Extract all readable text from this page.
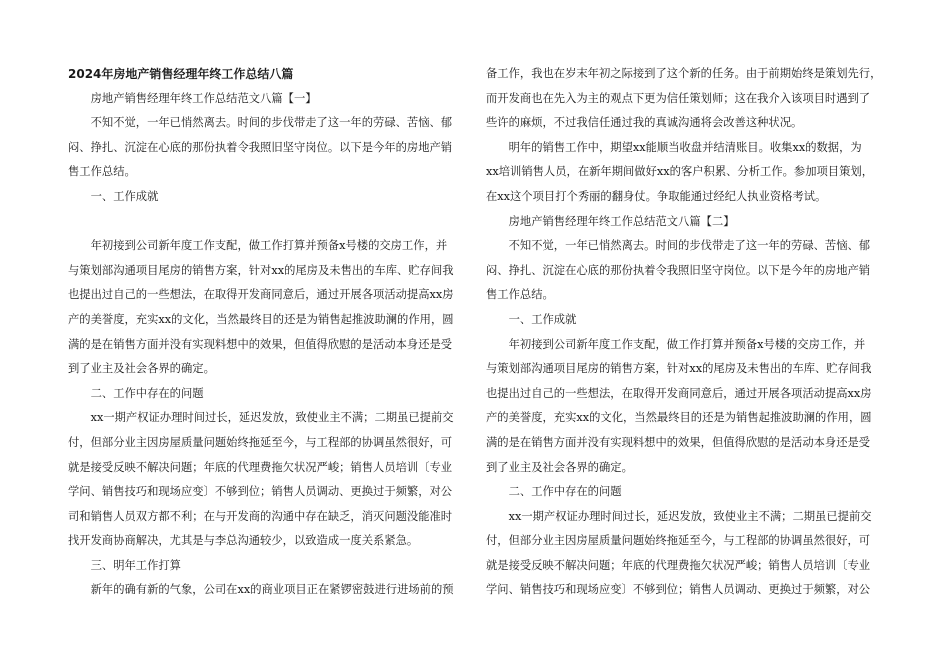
2024年房地产销售经理年终工作总结八篇
　　房地产销售经理年终工作总结范文八篇【一】
　　不知不觉，一年已悄然离去。时间的步伐带走了这一年的劳碌、苦恼、郁
闷、挣扎、沉淀在心底的那份执着令我照旧坚守岗位。以下是今年的房地产销
售工作总结。
　　一、工作成就
　　年初接到公司新年度工作支配，做工作打算并预备x号楼的交房工作，并
与策划部沟通项目尾房的销售方案，针对xx的尾房及未售出的车库、贮存间我
也提出过自己的一些想法，在取得开发商同意后，通过开展各项活动提高xx房
产的美誉度，充实xx的文化，当然最终目的还是为销售起推波助澜的作用，圆
满的是在销售方面并没有实现料想中的效果，但值得欣慰的是活动本身还是受
到了业主及社会各界的确定。
　　二、工作中存在的问题
　　xx一期产权证办理时间过长，延迟发放，致使业主不满；二期虽已提前交
付，但部分业主因房屋质量问题始终拖延至今，与工程部的协调虽然很好，可
就是接受反映不解决问题；年底的代理费拖欠状况严峻；销售人员培训〔专业
学问、销售技巧和现场应变〕不够到位；销售人员调动、更换过于频繁，对公
司和销售人员双方都不利；在与开发商的沟通中存在缺乏，消灭问题没能准时
找开发商协商解决，尤其是与李总沟通较少，以致造成一度关系紧急。
　　三、明年工作打算
　　新年的确有新的气象，公司在xx的商业项目正在紧锣密鼓进行进场前的预
备工作，我也在岁末年初之际接到了这个新的任务。由于前期始终是策划先行，
而开发商也在先入为主的观点下更为信任策划师；这在我介入该项目时遇到了
些许的麻烦，不过我信任通过我的真诚沟通将会改善这种状况。
　　明年的销售工作中，期望xx能顺当收盘并结清账目。收集xx的数据，为
xx培训销售人员，在新年期间做好xx的客户积累、分析工作。参加项目策划，
在xx这个项目打个秀丽的翻身仗。争取能通过经纪人执业资格考试。
　　房地产销售经理年终工作总结范文八篇【二】
　　不知不觉，一年已悄然离去。时间的步伐带走了这一年的劳碌、苦恼、郁
闷、挣扎、沉淀在心底的那份执着令我照旧坚守岗位。以下是今年的房地产销
售工作总结。
　　一、工作成就
　　年初接到公司新年度工作支配，做工作打算并预备x号楼的交房工作，并
与策划部沟通项目尾房的销售方案，针对xx的尾房及未售出的车库、贮存间我
也提出过自己的一些想法，在取得开发商同意后，通过开展各项活动提高xx房
产的美誉度，充实xx的文化，当然最终目的还是为销售起推波助澜的作用，圆
满的是在销售方面并没有实现料想中的效果，但值得欣慰的是活动本身还是受
到了业主及社会各界的确定。
　　二、工作中存在的问题
　　xx一期产权证办理时间过长，延迟发放，致使业主不满；二期虽已提前交
付，但部分业主因房屋质量问题始终拖延至今，与工程部的协调虽然很好，可
就是接受反映不解决问题；年底的代理费拖欠状况严峻；销售人员培训〔专业
学问、销售技巧和现场应变〕不够到位；销售人员调动、更换过于频繁，对公
